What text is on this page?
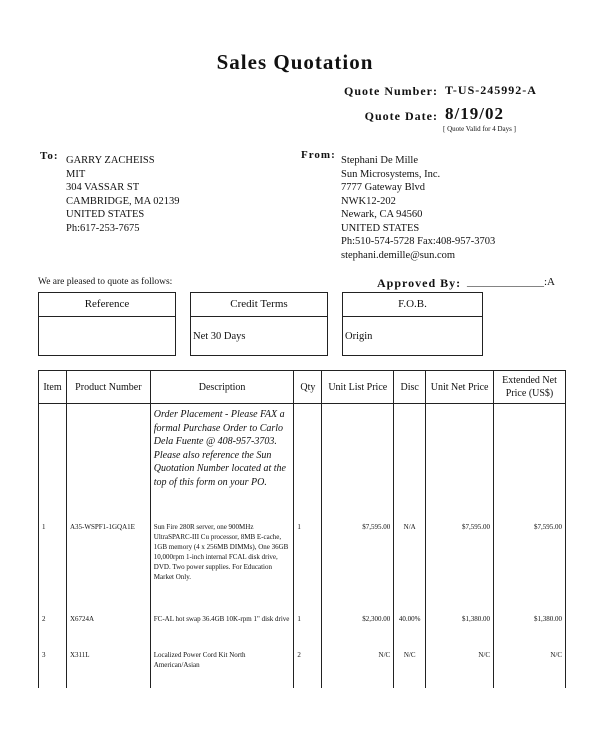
Sales Quotation
Quote Number: T-US-245992-A
Quote Date: 8/19/02
[ Quote Valid for 4 Days ]
To: GARRY ZACHEISS
MIT
304 VASSAR ST
CAMBRIDGE, MA 02139
UNITED STATES
Ph:617-253-7675
From: Stephani De Mille
Sun Microsystems, Inc.
7777 Gateway Blvd
NWK12-202
Newark, CA 94560
UNITED STATES
Ph:510-574-5728 Fax:408-957-3703
stephani.demille@sun.com
We are pleased to quote as follows:	Approved By: ______________:A
Reference	Credit Terms
Net 30 Days
F.O.B.
Origin
Item	Product Number	Description	Qty	Unit List Price	Disc	Unit Net Price	Extended Net Price (US$)
		Order Placement - Please FAX a formal Purchase Order to Carlo Dela Fuente @ 408-957-3703. Please also reference the Sun Quotation Number located at the top of this form on your PO.					
1	A35-WSPF1-1GQA1E	Sun Fire 280R server, one 900MHz UltraSPARC-III Cu processor, 8MB E-cache, 1GB memory (4 x 256MB DIMMs), One 36GB 10,000rpm 1-inch internal FCAL disk drive, DVD. Two power supplies. For Education Market Only.	1	$7,595.00	N/A	$7,595.00	$7,595.00
2	X6724A	FC-AL hot swap 36.4GB 10K-rpm 1" disk drive	1	$2,300.00	40.00%	$1,380.00	$1,380.00
3	X311L	Localized Power Cord Kit North American/Asian	2	N/C	N/C	N/C	N/C
